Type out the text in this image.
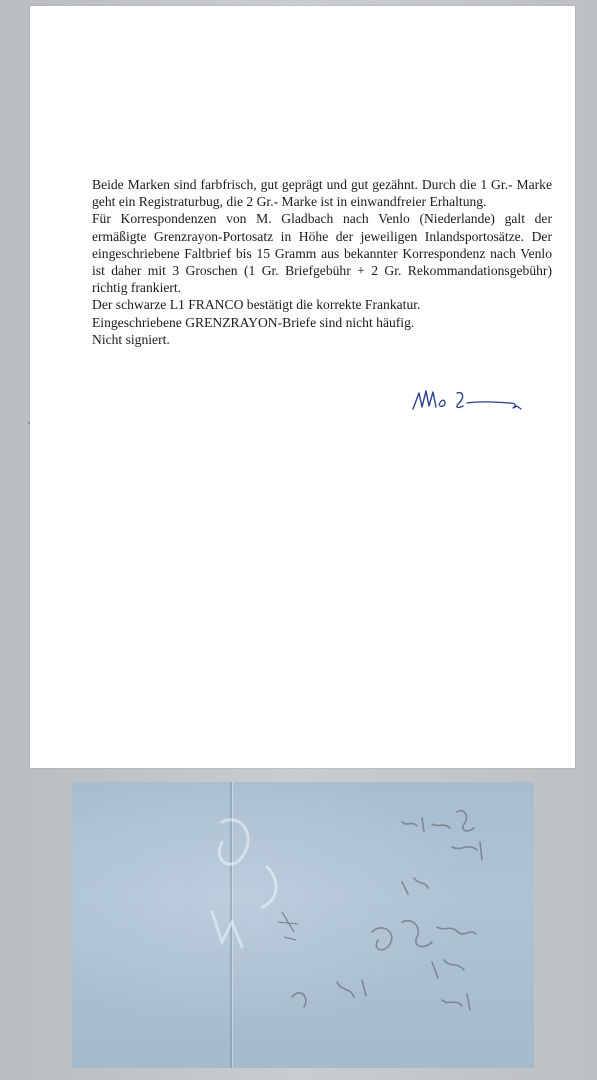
Beide Marken sind farbfrisch, gut geprägt und gut gezähnt. Durch die 1 Gr.- Marke geht ein Registraturbug, die 2 Gr.- Marke ist in einwandfreier Erhaltung.

Für Korrespondenzen von M. Gladbach nach Venlo (Niederlande) galt der ermäßigte Grenzrayon-Portosatz in Höhe der jeweiligen Inlandsportosätze. Der eingeschriebene Faltbrief bis 15 Gramm aus bekannter Korrespondenz nach Venlo ist daher mit 3 Groschen (1 Gr. Briefgebühr + 2 Gr. Rekommandationsgebühr) richtig frankiert.

Der schwarze L1 FRANCO bestätigt die korrekte Frankatur.

Eingeschriebene GRENZRAYON-Briefe sind nicht häufig.

Nicht signiert.
